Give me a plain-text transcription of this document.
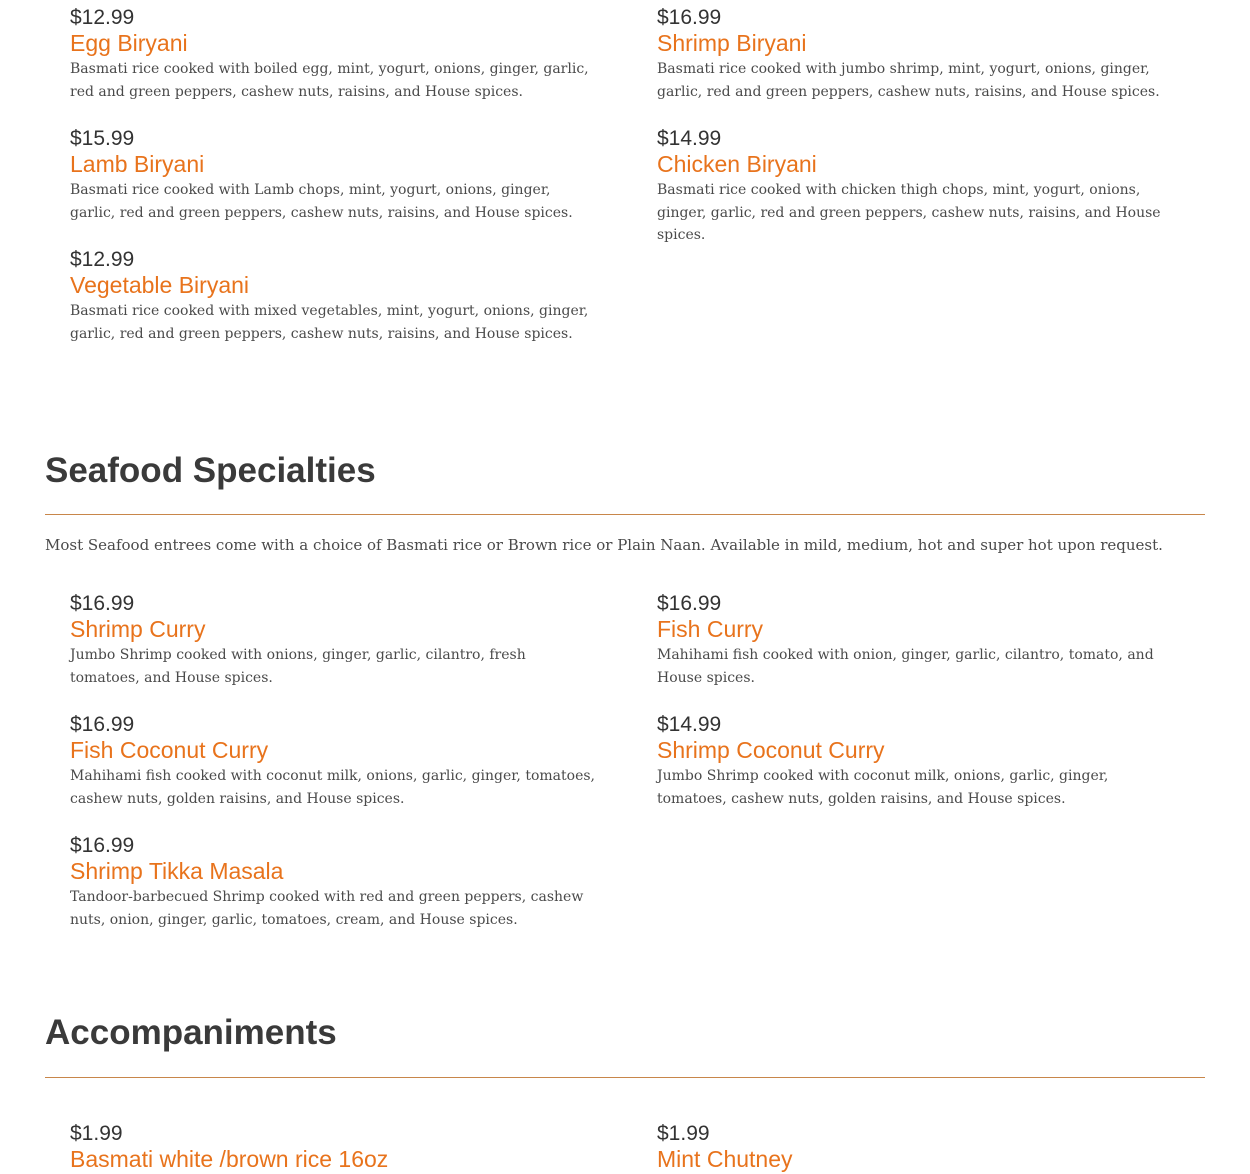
$12.99

Egg Biryani

Basmati rice cooked with boiled egg, mint, yogurt, onions, ginger, garlic, red and green peppers, cashew nuts, raisins, and House spices.

$16.99

Shrimp Biryani

Basmati rice cooked with jumbo shrimp, mint, yogurt, onions, ginger, garlic, red and green peppers, cashew nuts, raisins, and House spices.

$15.99

Lamb Biryani

Basmati rice cooked with Lamb chops, mint, yogurt, onions, ginger, garlic, red and green peppers, cashew nuts, raisins, and House spices.

$14.99

Chicken Biryani

Basmati rice cooked with chicken thigh chops, mint, yogurt, onions, ginger, garlic, red and green peppers, cashew nuts, raisins, and House spices.

$12.99

Vegetable Biryani

Basmati rice cooked with mixed vegetables, mint, yogurt, onions, ginger, garlic, red and green peppers, cashew nuts, raisins, and House spices.

Seafood Specialties

Most Seafood entrees come with a choice of Basmati rice or Brown rice or Plain Naan. Available in mild, medium, hot and super hot upon request.

$16.99

Shrimp Curry

Jumbo Shrimp cooked with onions, ginger, garlic, cilantro, fresh tomatoes, and House spices.

$16.99

Fish Curry

Mahihami fish cooked with onion, ginger, garlic, cilantro, tomato, and House spices.

$16.99

Fish Coconut Curry

Mahihami fish cooked with coconut milk, onions, garlic, ginger, tomatoes, cashew nuts, golden raisins, and House spices.

$14.99

Shrimp Coconut Curry

Jumbo Shrimp cooked with coconut milk, onions, garlic, ginger, tomatoes, cashew nuts, golden raisins, and House spices.

$16.99

Shrimp Tikka Masala

Tandoor-barbecued Shrimp cooked with red and green peppers, cashew nuts, onion, ginger, garlic, tomatoes, cream, and House spices.

Accompaniments

$1.99

Basmati white /brown rice 16oz

$1.99

Mint Chutney
